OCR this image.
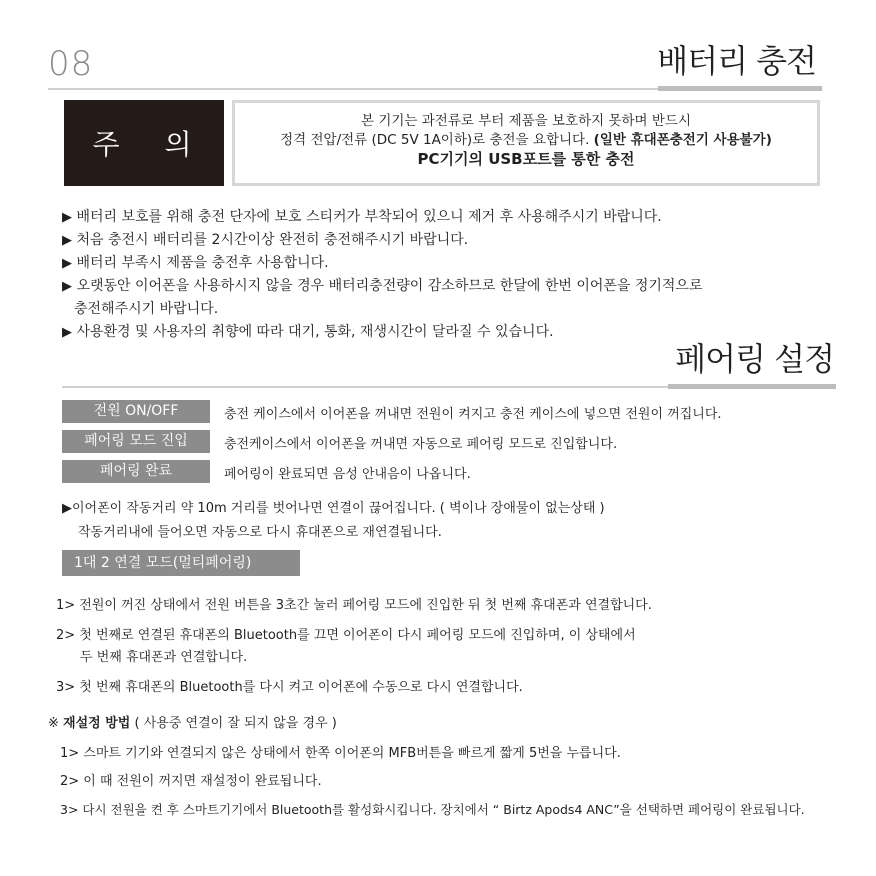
08	배터리 충전
주 의
본 기기는 과전류로 부터 제품을 보호하지 못하며 반드시
정격 전압/전류 (DC 5V 1A이하)로 충전을 요합니다. (일반 휴대폰충전기 사용불가)
PC기기의 USB포트를 통한 충전
▶ 배터리 보호를 위해 충전 단자에 보호 스티커가 부착되어 있으니 제거 후 사용해주시기 바랍니다.
▶ 처음 충전시 배터리를 2시간이상 완전히 충전해주시기 바랍니다.
▶ 배터리 부족시 제품을 충전후 사용합니다.
▶ 오랫동안 이어폰을 사용하시지 않을 경우 배터리충전량이 감소하므로 한달에 한번 이어폰을 정기적으로
충전해주시기 바랍니다.
▶ 사용환경 및 사용자의 취향에 따라 대기, 통화, 재생시간이 달라질 수 있습니다.
페어링 설정
전원 ON/OFF	충전 케이스에서 이어폰을 꺼내면 전원이 켜지고 충전 케이스에 넣으면 전원이 꺼집니다.
페어링 모드 진입	충전케이스에서 이어폰을 꺼내면 자동으로 페어링 모드로 진입합니다.
페어링 완료	페어링이 완료되면 음성 안내음이 나옵니다.
▶이어폰이 작동거리 약 10m 거리를 벗어나면 연결이 끊어집니다. ( 벽이나 장애물이 없는상태 )
작동거리내에 들어오면 자동으로 다시 휴대폰으로 재연결됩니다.
1대 2 연결 모드(멀티페어링)
1> 전원이 꺼진 상태에서 전원 버튼을 3초간 눌러 페어링 모드에 진입한 뒤 첫 번째 휴대폰과 연결합니다.
2> 첫 번째로 연결된 휴대폰의 Bluetooth를 끄면 이어폰이 다시 페어링 모드에 진입하며, 이 상태에서
두 번째 휴대폰과 연결합니다.
3> 첫 번째 휴대폰의 Bluetooth를 다시 켜고 이어폰에 수동으로 다시 연결합니다.
※ 재설정 방법 ( 사용중 연결이 잘 되지 않을 경우 )
1> 스마트 기기와 연결되지 않은 상태에서 한쪽 이어폰의 MFB버튼을 빠르게 짧게 5번을 누릅니다.
2> 이 때 전원이 꺼지면 재설정이 완료됩니다.
3> 다시 전원을 켠 후 스마트기기에서 Bluetooth를 활성화시킵니다. 장치에서 “ Birtz Apods4 ANC”을 선택하면 페어링이 완료됩니다.
